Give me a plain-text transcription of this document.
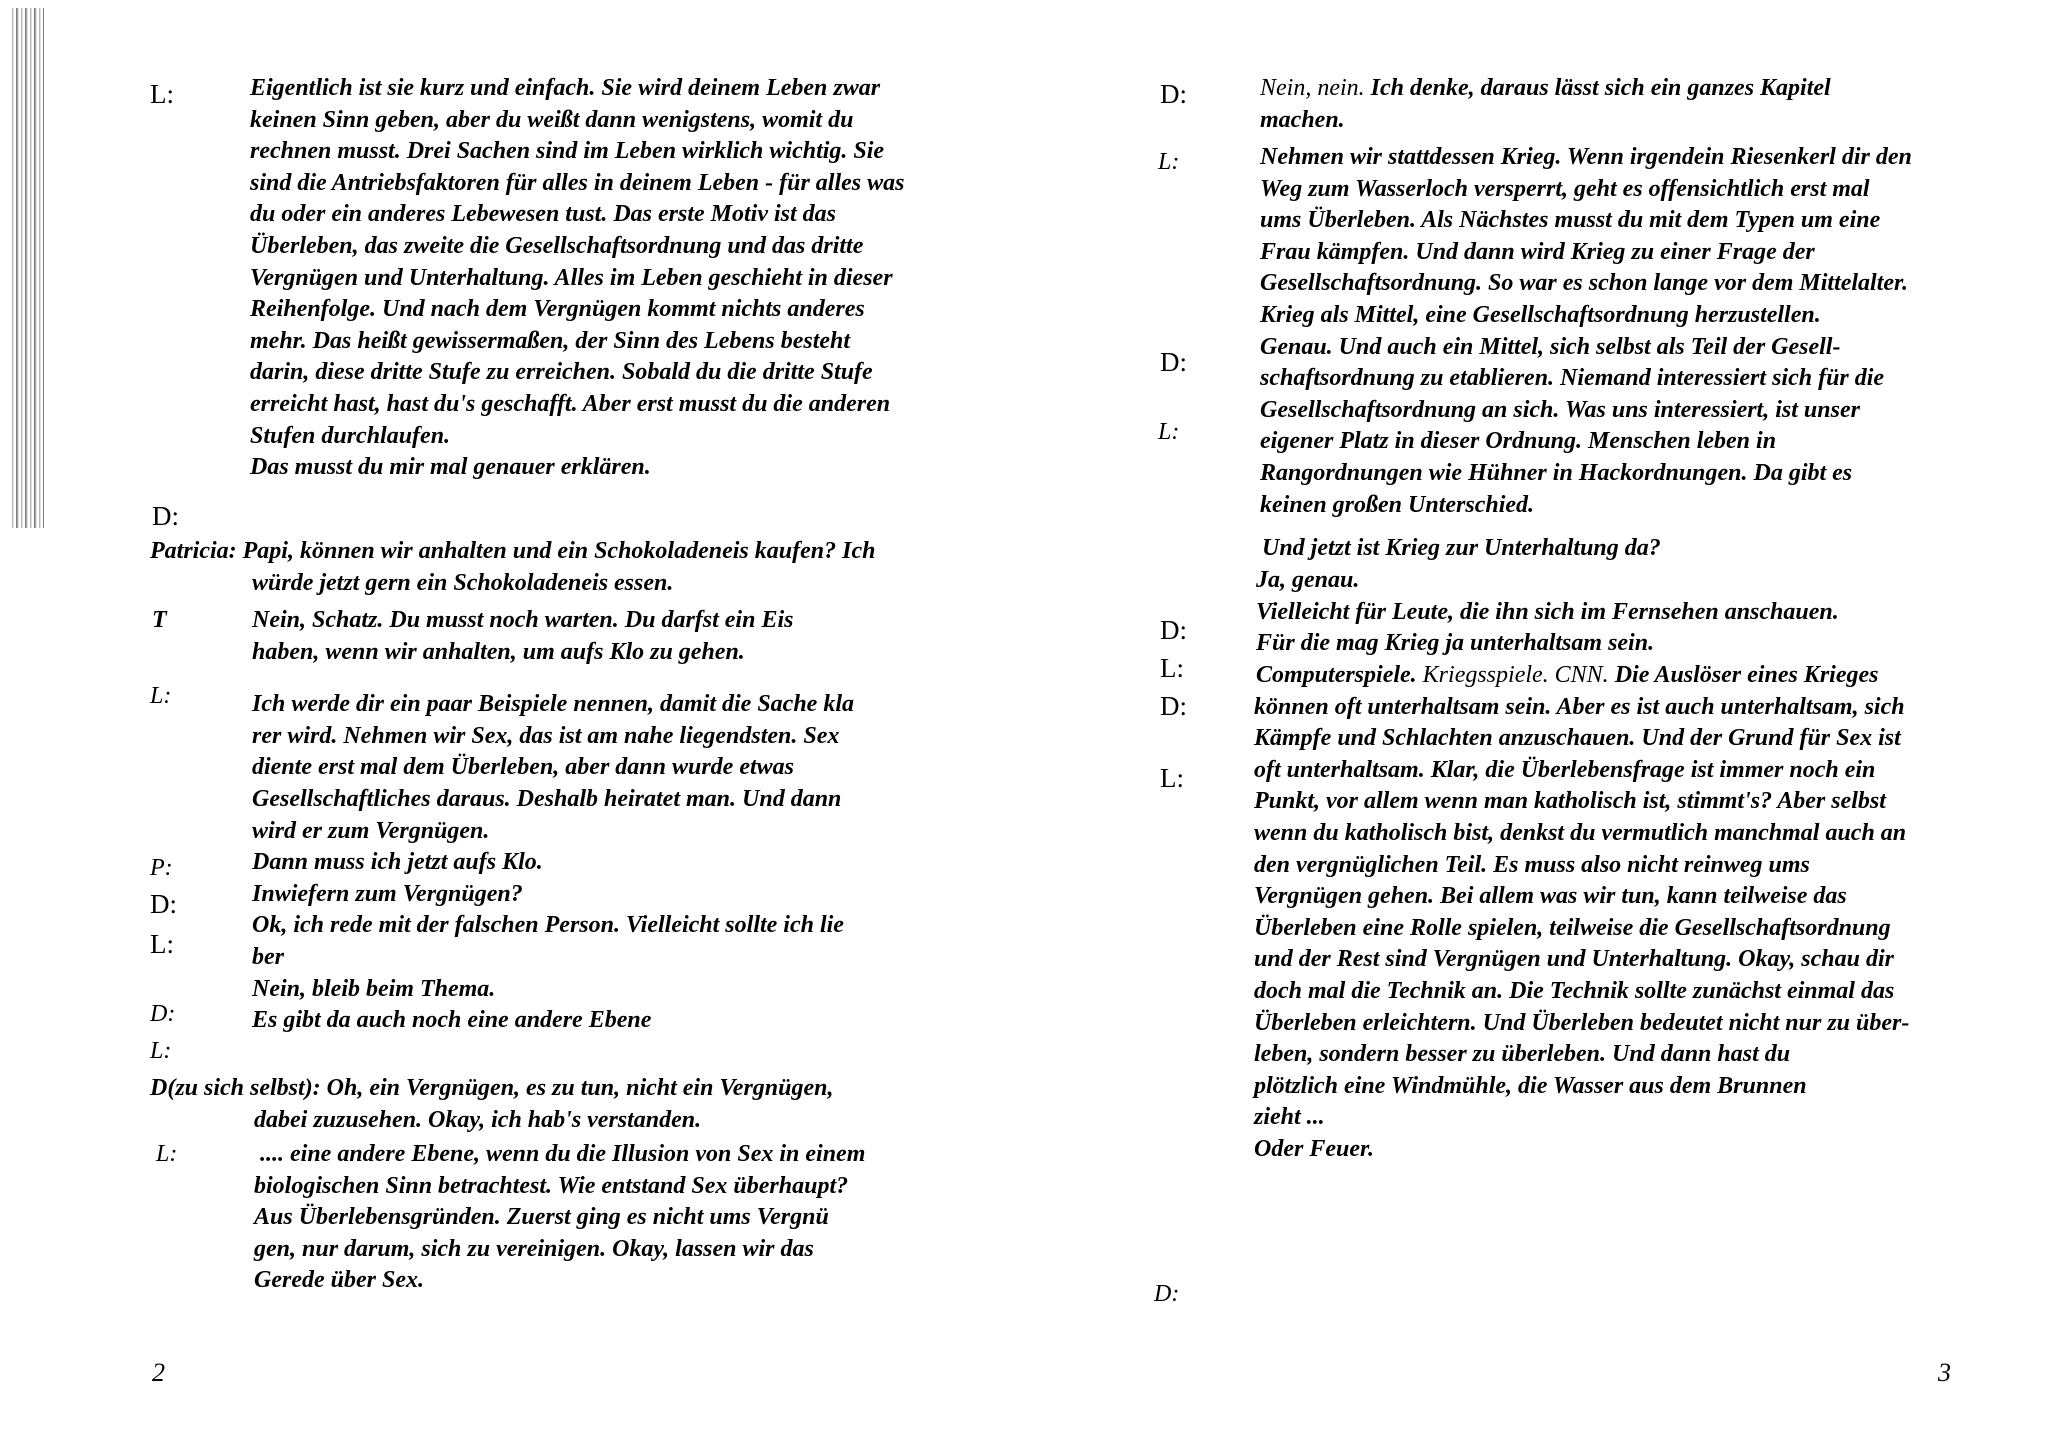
L:
D:
T
L:
P:
D:
L:
D:
L:
L:
Eigentlich ist sie kurz und einfach. Sie wird deinem Leben zwar
keinen Sinn geben, aber du weißt dann wenigstens, womit du
rechnen musst. Drei Sachen sind im Leben wirklich wichtig. Sie
sind die Antriebsfaktoren für alles in deinem Leben - für alles was
du oder ein anderes Lebewesen tust. Das erste Motiv ist das
Überleben, das zweite die Gesellschaftsordnung und das dritte
Vergnügen und Unterhaltung. Alles im Leben geschieht in dieser
Reihenfolge. Und nach dem Vergnügen kommt nichts anderes
mehr. Das heißt gewissermaßen, der Sinn des Lebens besteht
darin, diese dritte Stufe zu erreichen. Sobald du die dritte Stufe
erreicht hast, hast du's geschafft. Aber erst musst du die anderen
Stufen durchlaufen.
Das musst du mir mal genauer erklären.
Patricia: Papi, können wir anhalten und ein Schokoladeneis kaufen? Ich
würde jetzt gern ein Schokoladeneis essen.
Nein, Schatz. Du musst noch warten. Du darfst ein Eis
haben, wenn wir anhalten, um aufs Klo zu gehen.
Ich werde dir ein paar Beispiele nennen, damit die Sache kla
rer wird. Nehmen wir Sex, das ist am nahe liegendsten. Sex
diente erst mal dem Überleben, aber dann wurde etwas
Gesellschaftliches daraus. Deshalb heiratet man. Und dann
wird er zum Vergnügen.
Dann muss ich jetzt aufs Klo.
Inwiefern zum Vergnügen?
Ok, ich rede mit der falschen Person. Vielleicht sollte ich lie
ber
Nein, bleib beim Thema.
Es gibt da auch noch eine andere Ebene
D(zu sich selbst): Oh, ein Vergnügen, es zu tun, nicht ein Vergnügen,
dabei zuzusehen. Okay, ich hab's verstanden.
.... eine andere Ebene, wenn du die Illusion von Sex in einem
biologischen Sinn betrachtest. Wie entstand Sex überhaupt?
Aus Überlebensgründen. Zuerst ging es nicht ums Vergnü
gen, nur darum, sich zu vereinigen. Okay, lassen wir das
Gerede über Sex.
2
D:
L:
D:
L:
D:
L:
D:
L:
D:
Nein, nein. Ich denke, daraus lässt sich ein ganzes Kapitel
machen.
Nehmen wir stattdessen Krieg. Wenn irgendein Riesenkerl dir den
Weg zum Wasserloch versperrt, geht es offensichtlich erst mal
ums Überleben. Als Nächstes musst du mit dem Typen um eine
Frau kämpfen. Und dann wird Krieg zu einer Frage der
Gesellschaftsordnung. So war es schon lange vor dem Mittelalter.
Krieg als Mittel, eine Gesellschaftsordnung herzustellen.
Genau. Und auch ein Mittel, sich selbst als Teil der Gesell-
schaftsordnung zu etablieren. Niemand interessiert sich für die
Gesellschaftsordnung an sich. Was uns interessiert, ist unser
eigener Platz in dieser Ordnung. Menschen leben in
Rangordnungen wie Hühner in Hackordnungen. Da gibt es
keinen großen Unterschied.
Und jetzt ist Krieg zur Unterhaltung da?
Ja, genau.
Vielleicht für Leute, die ihn sich im Fernsehen anschauen.
Für die mag Krieg ja unterhaltsam sein.
Computerspiele. Kriegsspiele. CNN. Die Auslöser eines Krieges
können oft unterhaltsam sein. Aber es ist auch unterhaltsam, sich
Kämpfe und Schlachten anzuschauen. Und der Grund für Sex ist
oft unterhaltsam. Klar, die Überlebensfrage ist immer noch ein
Punkt, vor allem wenn man katholisch ist, stimmt's? Aber selbst
wenn du katholisch bist, denkst du vermutlich manchmal auch an
den vergnüglichen Teil. Es muss also nicht reinweg ums
Vergnügen gehen. Bei allem was wir tun, kann teilweise das
Überleben eine Rolle spielen, teilweise die Gesellschaftsordnung
und der Rest sind Vergnügen und Unterhaltung. Okay, schau dir
doch mal die Technik an. Die Technik sollte zunächst einmal das
Überleben erleichtern. Und Überleben bedeutet nicht nur zu über-
leben, sondern besser zu überleben. Und dann hast du
plötzlich eine Windmühle, die Wasser aus dem Brunnen
zieht ...
Oder Feuer.
3
